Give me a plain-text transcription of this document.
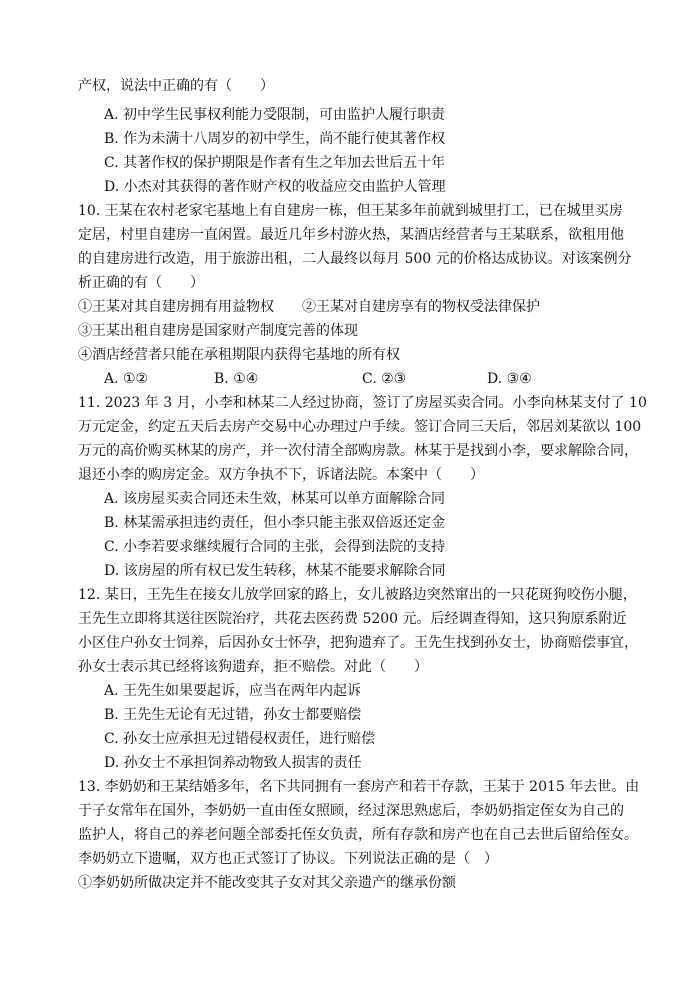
产权，说法中正确的有（　　）
A. 初中学生民事权利能力受限制，可由监护人履行职责
B. 作为未满十八周岁的初中学生，尚不能行使其著作权
C. 其著作权的保护期限是作者有生之年加去世后五十年
D. 小杰对其获得的著作财产权的收益应交由监护人管理
10. 王某在农村老家宅基地上有自建房一栋，但王某多年前就到城里打工，已在城里买房
定居，村里自建房一直闲置。最近几年乡村游火热，某酒店经营者与王某联系，欲租用他
的自建房进行改造，用于旅游出租，二人最终以每月 500 元的价格达成协议。对该案例分
析正确的有（　　）
①王某对其自建房拥有用益物权　　②王某对自建房享有的物权受法律保护
③王某出租自建房是国家财产制度完善的体现
④酒店经营者只能在承租期限内获得宅基地的所有权
A. ①②	B. ①④	C. ②③	D. ③④
11. 2023 年 3 月，小李和林某二人经过协商，签订了房屋买卖合同。小李向林某支付了 10
万元定金，约定五天后去房产交易中心办理过户手续。签订合同三天后，邻居刘某欲以 100
万元的高价购买林某的房产，并一次付清全部购房款。林某于是找到小李，要求解除合同，
退还小李的购房定金。双方争执不下，诉诸法院。本案中（　　）
A. 该房屋买卖合同还未生效，林某可以单方面解除合同
B. 林某需承担违约责任，但小李只能主张双倍返还定金
C. 小李若要求继续履行合同的主张，会得到法院的支持
D. 该房屋的所有权已发生转移，林某不能要求解除合同
12. 某日，王先生在接女儿放学回家的路上，女儿被路边突然窜出的一只花斑狗咬伤小腿，
王先生立即将其送往医院治疗，共花去医药费 5200 元。后经调查得知，这只狗原系附近
小区住户孙女士饲养，后因孙女士怀孕，把狗遗弃了。王先生找到孙女士，协商赔偿事宜，
孙女士表示其已经将该狗遗弃，拒不赔偿。对此（　　）
A. 王先生如果要起诉，应当在两年内起诉
B. 王先生无论有无过错，孙女士都要赔偿
C. 孙女士应承担无过错侵权责任，进行赔偿
D. 孙女士不承担饲养动物致人损害的责任
13. 李奶奶和王某结婚多年，名下共同拥有一套房产和若干存款，王某于 2015 年去世。由
于子女常年在国外，李奶奶一直由侄女照顾，经过深思熟虑后，李奶奶指定侄女为自己的
监护人，将自己的养老问题全部委托侄女负责，所有存款和房产也在自己去世后留给侄女。
李奶奶立下遗嘱，双方也正式签订了协议。下列说法正确的是（　）
①李奶奶所做决定并不能改变其子女对其父亲遗产的继承份额
